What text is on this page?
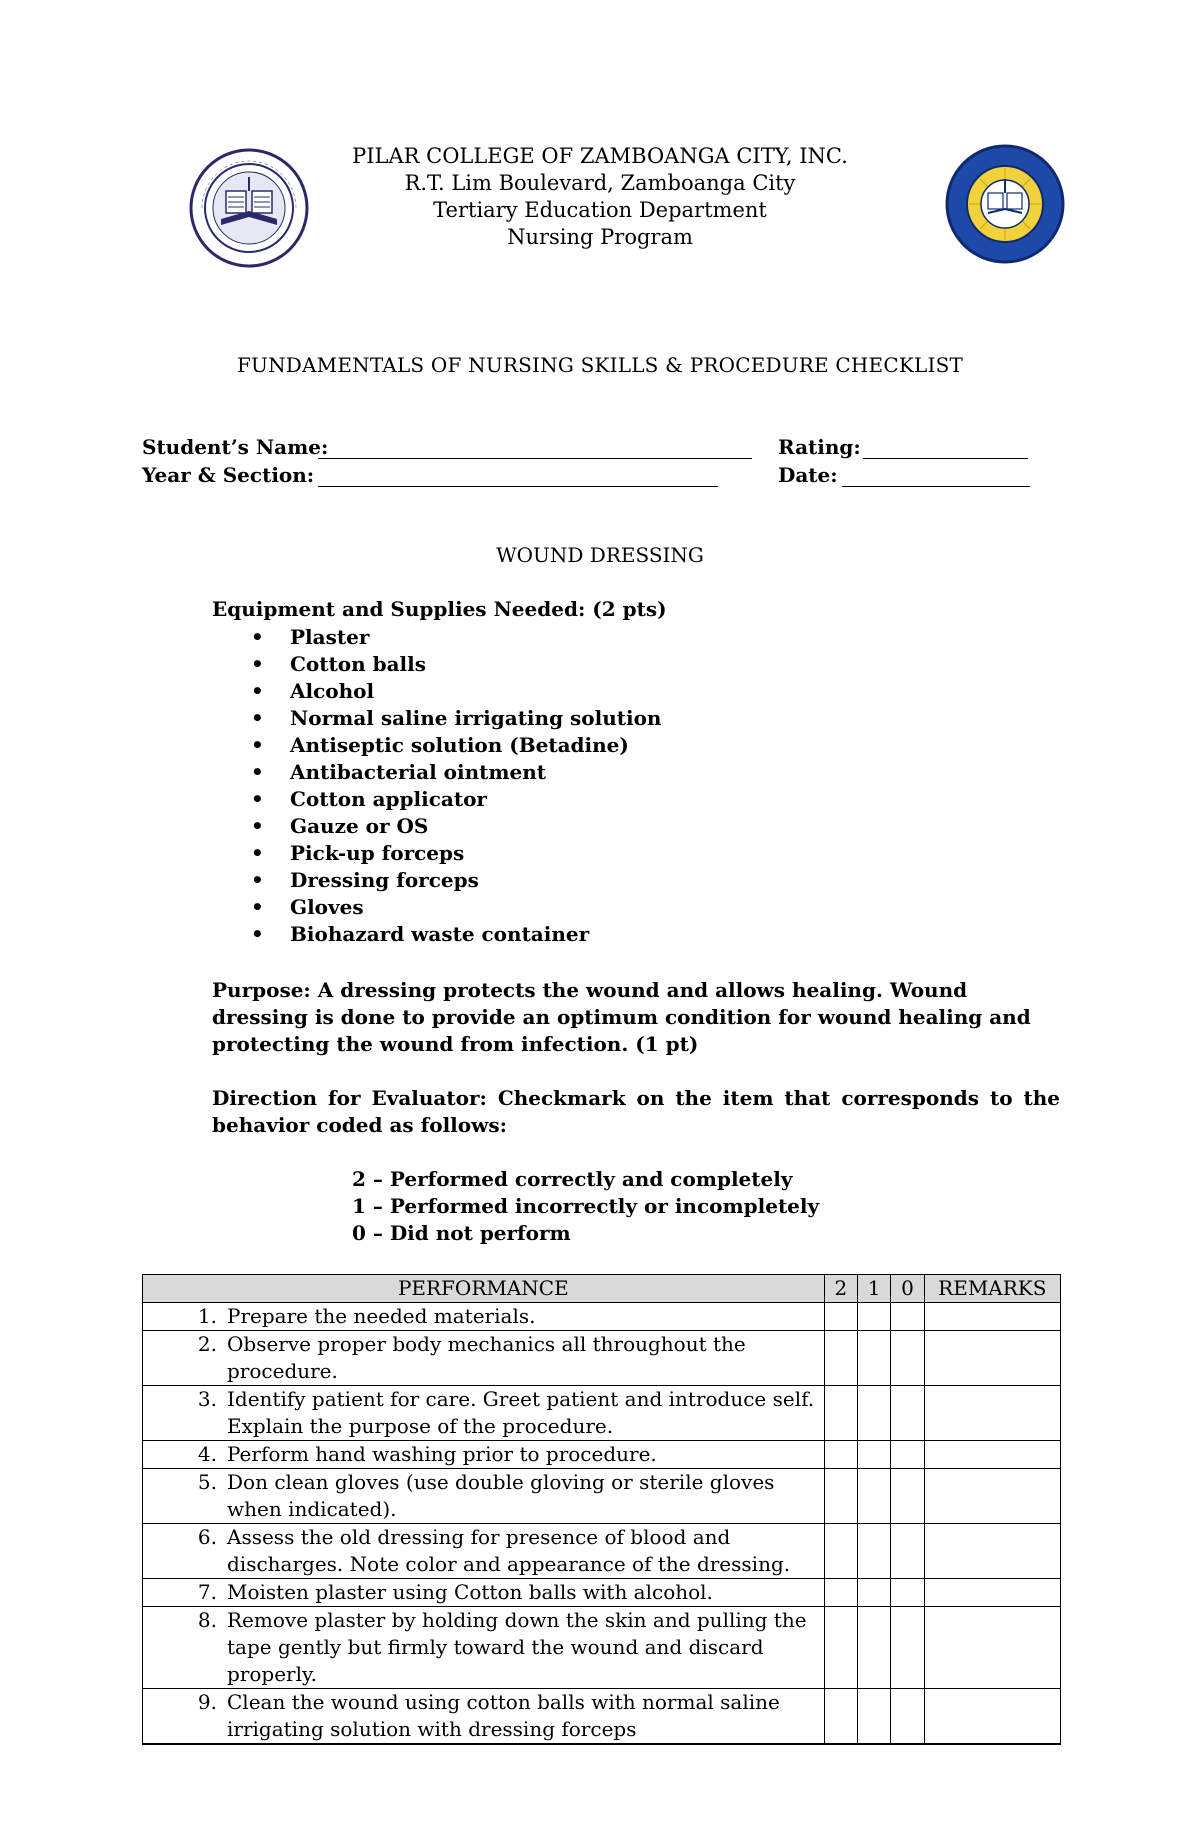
PILAR COLLEGE OF ZAMBOANGA CITY, INC.
R.T. Lim Boulevard, Zamboanga City
Tertiary Education Department
Nursing Program
FUNDAMENTALS OF NURSING SKILLS & PROCEDURE CHECKLIST
Student’s Name:	Rating:
Year & Section:	Date:
WOUND DRESSING
Equipment and Supplies Needed: (2 pts)
• Plaster
• Cotton balls
• Alcohol
• Normal saline irrigating solution
• Antiseptic solution (Betadine)
• Antibacterial ointment
• Cotton applicator
• Gauze or OS
• Pick-up forceps
• Dressing forceps
• Gloves
• Biohazard waste container
Purpose: A dressing protects the wound and allows healing. Wound dressing is done to provide an optimum condition for wound healing and protecting the wound from infection. (1 pt)
Direction for Evaluator: Checkmark on the item that corresponds to the behavior coded as follows:
2 – Performed correctly and completely
1 – Performed incorrectly or incompletely
0 – Did not perform
PERFORMANCE	2	1	0	REMARKS

1. Prepare the needed materials.				

2. Observe proper body mechanics all throughout the procedure.				

3. Identify patient for care. Greet patient and introduce self. Explain the purpose of the procedure.				

4. Perform hand washing prior to procedure.				

5. Don clean gloves (use double gloving or sterile gloves when indicated).				

6. Assess the old dressing for presence of blood and discharges. Note color and appearance of the dressing.				

7. Moisten plaster using Cotton balls with alcohol.				

8. Remove plaster by holding down the skin and pulling the tape gently but firmly toward the wound and discard properly.				

9. Clean the wound using cotton balls with normal saline irrigating solution with dressing forceps				
